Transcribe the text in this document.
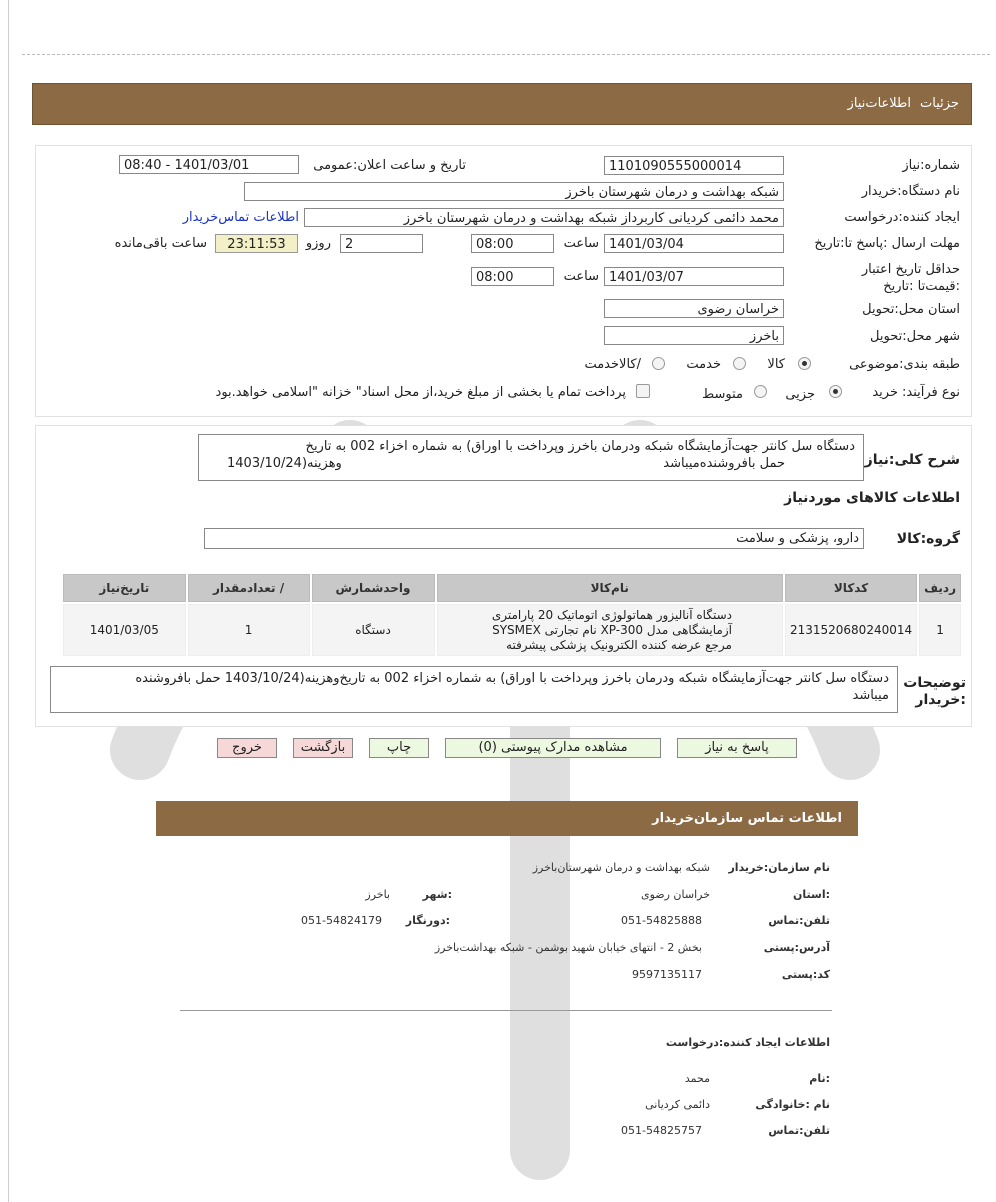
جزئیات
اطلاعات‌نیاز
شماره:نیاز
1101090555000014
تاریخ و ساعت اعلان:عمومی
1401/03/01 - 08:40
نام دستگاه:خریدار
شبکه بهداشت و درمان شهرستان باخرز
ایجاد کننده:درخواست
محمد دائمی کردیانی کاربرداز شبکه بهداشت و درمان شهرستان باخرز
اطلاعات تماس‌خریدار
مهلت ارسال :پاسخ تا:تاریخ
1401/03/04
ساعت
08:00
2
روزو
23:11:53
ساعت باقی‌مانده
حداقل تاریخ اعتبار :قیمت‌تا :تاریخ
1401/03/07
ساعت
08:00
استان محل:تحویل
خراسان رضوی
شهر محل:تحویل
باخرز
طبقه بندی:موضوعی
کالا
خدمت
/کالاخدمت
نوع فرآیند:
خرید
جزیی
متوسط
پرداخت تمام یا بخشی از مبلغ خرید،از محل اسناد" خزانه "اسلامی خواهد.بود
شرح کلی:نیاز
دستگاه سل کانتر جهت‌آزمایشگاه شبکه ودرمان باخرز وپرداخت با اوراق) به شماره اخزاء 002 به تاریخ
حمل بافروشنده‌میباشد
وهزینه(1403/10/24
اطلاعات کالاهای موردنیاز
گروه:کالا
دارو، پزشکی و سلامت
ردیف	کدکالا	نام‌کالا	واحدشمارش	/ تعدادمقدار	تاریخ‌نیاز
1	2131520680240014	دستگاه آنالیزور هماتولوژی اتوماتیک 20 پارامتری
آزمایشگاهی مدل XP-300 نام تجارتی SYSMEX
مرجع عرضه کننده الکترونیک پزشکی پیشرفته	دستگاه	1	1401/03/05
توضیحات
:خریدار
دستگاه سل کانتر جهت‌آزمایشگاه شبکه ودرمان باخرز وپرداخت با اوراق) به شماره اخزاء 002 به تاریخ‌وهزینه(1403/10/24 حمل بافروشنده
میباشد
پاسخ به نیاز
مشاهده مدارک پیوستی (0)
چاپ
بازگشت
خروج
اطلاعات تماس سازمان‌خریدار
نام سازمان:خریدار
شبکه بهداشت و درمان شهرستان‌باخرز
:استان
خراسان رضوی
:شهر
باخرز
تلفن:تماس
051-54825888
:دورنگار
051-54824179
آدرس:پستی
بخش 2 - انتهای خیابان شهید بوشمن - شبکه بهداشت‌باخرز
کد:پستی
9597135117
اطلاعات ایجاد کننده:درخواست
:نام
محمد
نام :خانوادگی
دائمی کردیانی
تلفن:تماس
051-54825757
